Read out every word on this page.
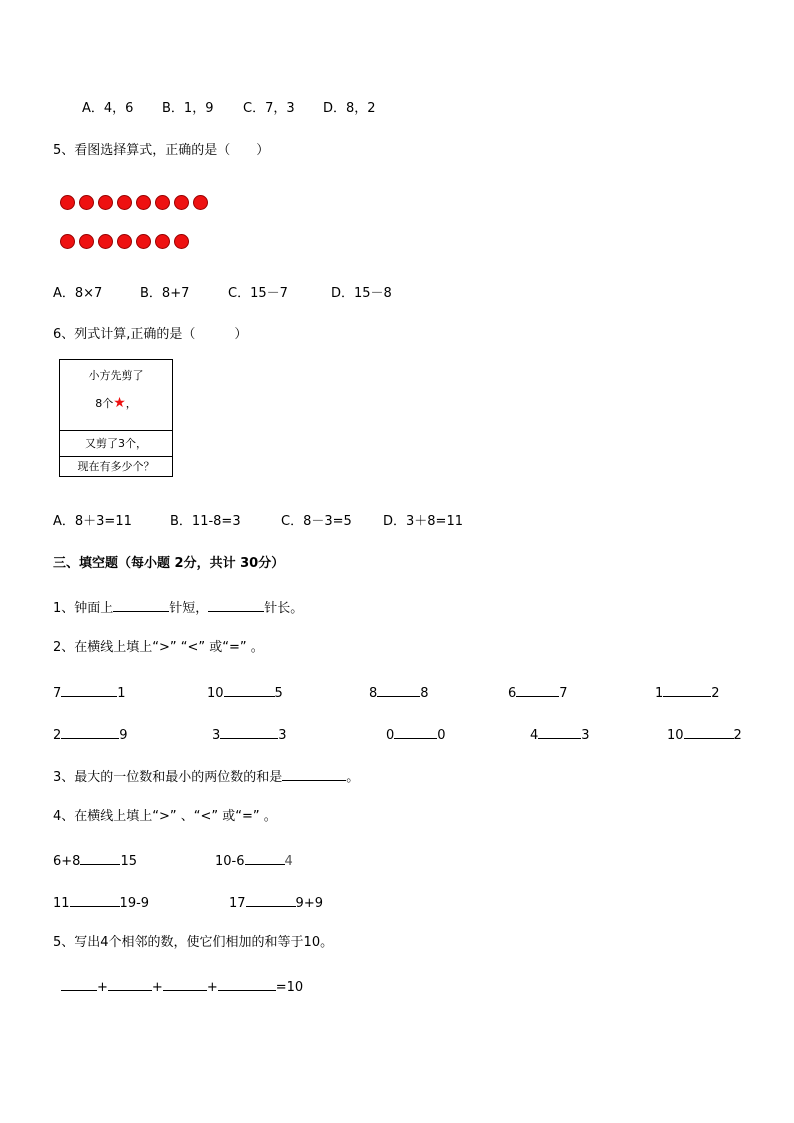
A．4，6 B．1，9 C．7，3 D．8，2
5、看图选择算式，正确的是（　　）
A．8×7	B．8+7	C．15－7	D．15－8
6、列式计算,正确的是（　　　）
小方先剪了
8个★，
又剪了3个，
现在有多少个？
A．8＋3=11	B．11-8=3	C．8－3=5 D．3＋8=11
三、填空题（每小题 2分，共计 30分）
1、钟面上	针短，	针长。
2、在横线上填上“>” “<” 或“=” 。
7	1	10	5	8	8	6	7	1	2
2	9	3	3	0	0	4	3	10	2
3、最大的一位数和最小的两位数的和是	。
4、在横线上填上“>” 、“<” 或“=” 。
6+8	15	10-6	4
11	19-9	17	9+9
5、写出4个相邻的数，使它们相加的和等于10。
+	+	+	=10
